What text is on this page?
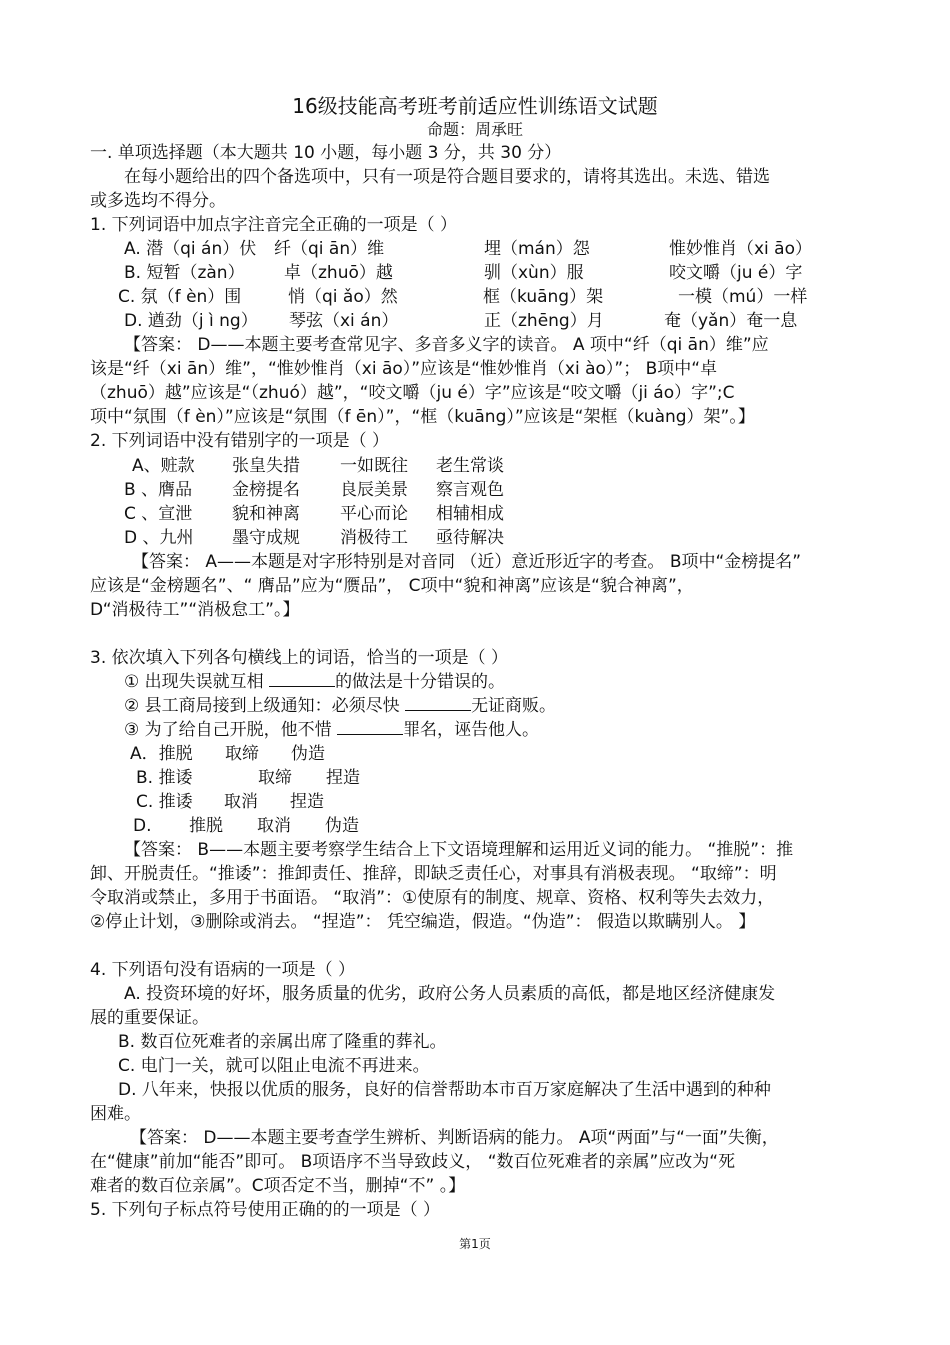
16级技能高考班考前适应性训练语文试题
命题：周承旺
一. 单项选择题（本大题共 10 小题，每小题 3 分，共 30 分）
在每小题给出的四个备选项中，只有一项是符合题目要求的，请将其选出。未选、错选
或多选均不得分。
1. 下列词语中加点字注音完全正确的一项是（ ）
A. 潜（qi án）伏 纤（qi ān）维	埋（mán）怨	惟妙惟肖（xi āo）
B. 短暂（zàn） 卓（zhuō）越	驯（xùn）服	咬文嚼（ju é）字
C. 氛（f èn）围	悄（qi ǎo）然	框（kuāng）架	一模（mú）一样
D. 遒劲（j ì ng） 琴弦（xi án）	正（zhēng）月	奄（yǎn）奄一息
【答案： D——本题主要考查常见字、多音多义字的读音。 A 项中“纤（qi ān）维”应
该是“纤（xi ān）维”，“惟妙惟肖（xi āo）”应该是“惟妙惟肖（xi ào）”； B项中“卓
（zhuō）越”应该是“（zhuó）越”，“咬文嚼（ju é）字”应该是“咬文嚼（ji áo）字”;C
项中“氛围（f èn）”应该是“氛围（f ēn）”，“框（kuāng）”应该是“架框（kuàng）架”。】
2. 下列词语中没有错别字的一项是（ ）
A、赃款 张皇失措 一如既往 老生常谈
B 、膺品 金榜提名 良辰美景 察言观色
C 、宣泄 貌和神离 平心而论 相辅相成
D 、九州 墨守成规 消极待工 亟待解决
【答案： A——本题是对字形特别是对音同 （近）意近形近字的考查。 B项中“金榜提名”
应该是“金榜题名”、“ 膺品”应为“赝品”， C项中“貌和神离”应该是“貌合神离”，
D“消极待工”“消极怠工”。】
3. 依次填入下列各句横线上的词语，恰当的一项是（ ）
① 出现失误就互相	的做法是十分错误的。
② 县工商局接到上级通知：必须尽快	无证商贩。
③ 为了给自己开脱，他不惜	罪名，诬告他人。
A．推脱 取缔 伪造
B. 推诿	取缔 捏造
C. 推诿 取消 捏造
D. 推脱 取消 伪造
【答案： B——本题主要考察学生结合上下文语境理解和运用近义词的能力。 “推脱”：推
卸、开脱责任。“推诿”：推卸责任、推辞，即缺乏责任心，对事具有消极表现。 “取缔”：明
令取消或禁止，多用于书面语。 “取消”：①使原有的制度、规章、资格、权利等失去效力，
②停止计划，③删除或消去。 “捏造”： 凭空编造，假造。“伪造”： 假造以欺瞒别人。 】
4. 下列语句没有语病的一项是（ ）
A. 投资环境的好坏，服务质量的优劣，政府公务人员素质的高低，都是地区经济健康发
展的重要保证。
B. 数百位死难者的亲属出席了隆重的葬礼。
C. 电门一关，就可以阻止电流不再进来。
D. 八年来，快报以优质的服务，良好的信誉帮助本市百万家庭解决了生活中遇到的种种
困难。
【答案： D——本题主要考查学生辨析、判断语病的能力。 A项“两面”与“一面”失衡，
在“健康”前加“能否”即可。 B项语序不当导致歧义， “数百位死难者的亲属”应改为“死
难者的数百位亲属”。C项否定不当，删掉“不” 。】
5. 下列句子标点符号使用正确的的一项是（ ）
第1页
